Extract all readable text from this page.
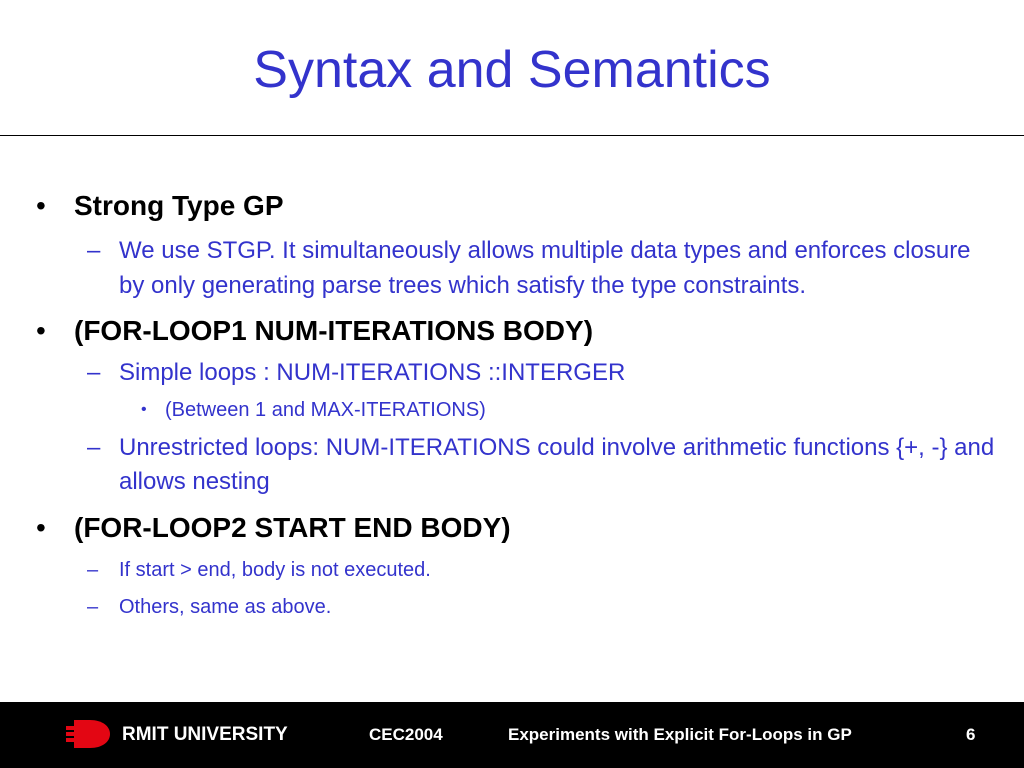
Syntax and Semantics
• Strong Type GP
– We use STGP. It simultaneously allows multiple data types and enforces closure by only generating parse trees which satisfy the type constraints.
• (FOR-LOOP1 NUM-ITERATIONS BODY)
– Simple loops : NUM-ITERATIONS ::INTERGER
• (Between 1 and MAX-ITERATIONS)
– Unrestricted loops: NUM-ITERATIONS could involve arithmetic functions {+, -} and allows nesting
• (FOR-LOOP2 START END BODY)
– If start > end, body is not executed.
– Others, same as above.
RMIT UNIVERSITY	CEC2004	Experiments with Explicit For-Loops in GP	6
